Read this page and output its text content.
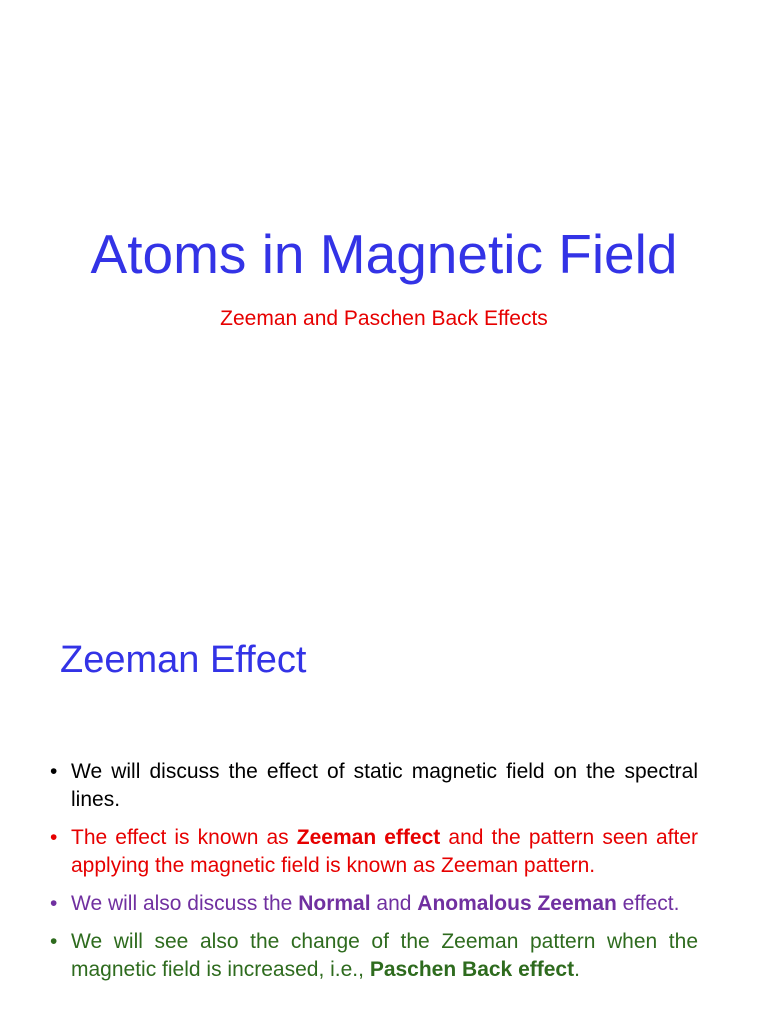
Atoms in Magnetic Field
Zeeman and Paschen Back Effects
Zeeman Effect
• We will discuss the effect of static magnetic field on the spectral lines.
• The effect is known as Zeeman effect and the pattern seen after applying the magnetic field is known as Zeeman pattern.
• We will also discuss the Normal and Anomalous Zeeman effect.
• We will see also the change of the Zeeman pattern when the magnetic field is increased, i.e., Paschen Back effect.
